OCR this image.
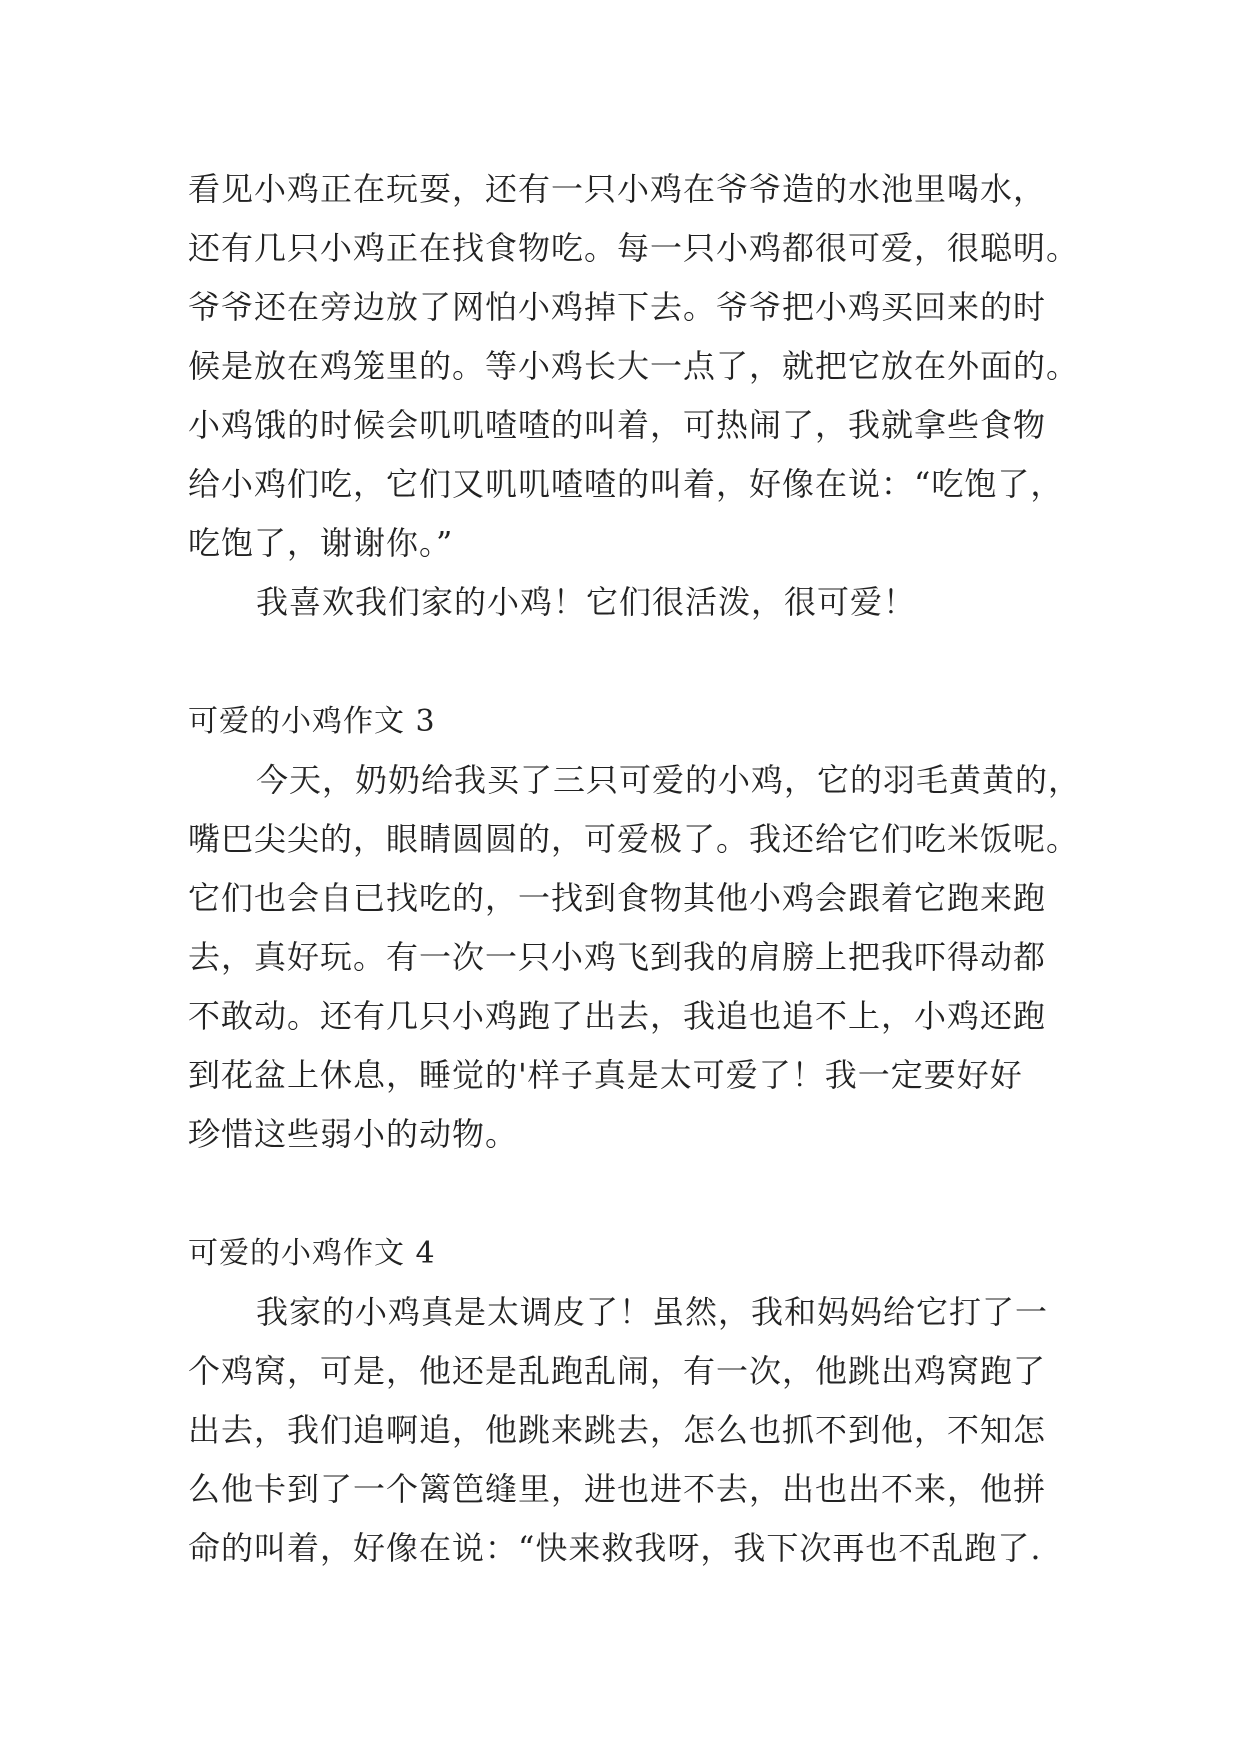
看见小鸡正在玩耍，还有一只小鸡在爷爷造的水池里喝水，
还有几只小鸡正在找食物吃。每一只小鸡都很可爱，很聪明。
爷爷还在旁边放了网怕小鸡掉下去。爷爷把小鸡买回来的时
候是放在鸡笼里的。等小鸡长大一点了，就把它放在外面的。
小鸡饿的时候会叽叽喳喳的叫着，可热闹了，我就拿些食物
给小鸡们吃，它们又叽叽喳喳的叫着，好像在说：“吃饱了，
吃饱了，谢谢你。”
我喜欢我们家的小鸡！它们很活泼，很可爱！
可爱的小鸡作文 3
今天，奶奶给我买了三只可爱的小鸡，它的羽毛黄黄的，
嘴巴尖尖的，眼睛圆圆的，可爱极了。我还给它们吃米饭呢。
它们也会自已找吃的，一找到食物其他小鸡会跟着它跑来跑
去，真好玩。有一次一只小鸡飞到我的肩膀上把我吓得动都
不敢动。还有几只小鸡跑了出去，我追也追不上，小鸡还跑
到花盆上休息，睡觉的'样子真是太可爱了！我一定要好好
珍惜这些弱小的动物。
可爱的小鸡作文 4
我家的小鸡真是太调皮了！虽然，我和妈妈给它打了一
个鸡窝，可是，他还是乱跑乱闹，有一次，他跳出鸡窝跑了
出去，我们追啊追，他跳来跳去，怎么也抓不到他，不知怎
么他卡到了一个篱笆缝里，进也进不去，出也出不来，他拼
命的叫着，好像在说：“快来救我呀，我下次再也不乱跑了.
